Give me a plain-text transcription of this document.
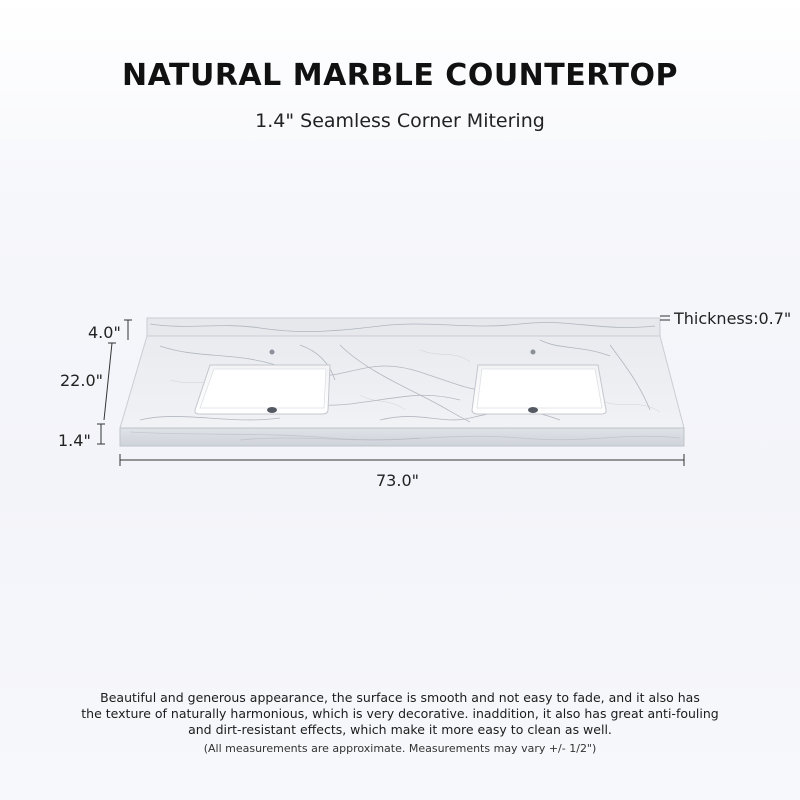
NATURAL MARBLE COUNTERTOP
1.4" Seamless Corner Mitering
4.0"
22.0"
1.4"
73.0"
Thickness:0.7"
Beautiful and generous appearance, the surface is smooth and not easy to fade, and it also has
the texture of naturally harmonious, which is very decorative. inaddition, it also has great anti-fouling
and dirt-resistant effects, which make it more easy to clean as well.
(All measurements are approximate. Measurements may vary +/- 1/2")
